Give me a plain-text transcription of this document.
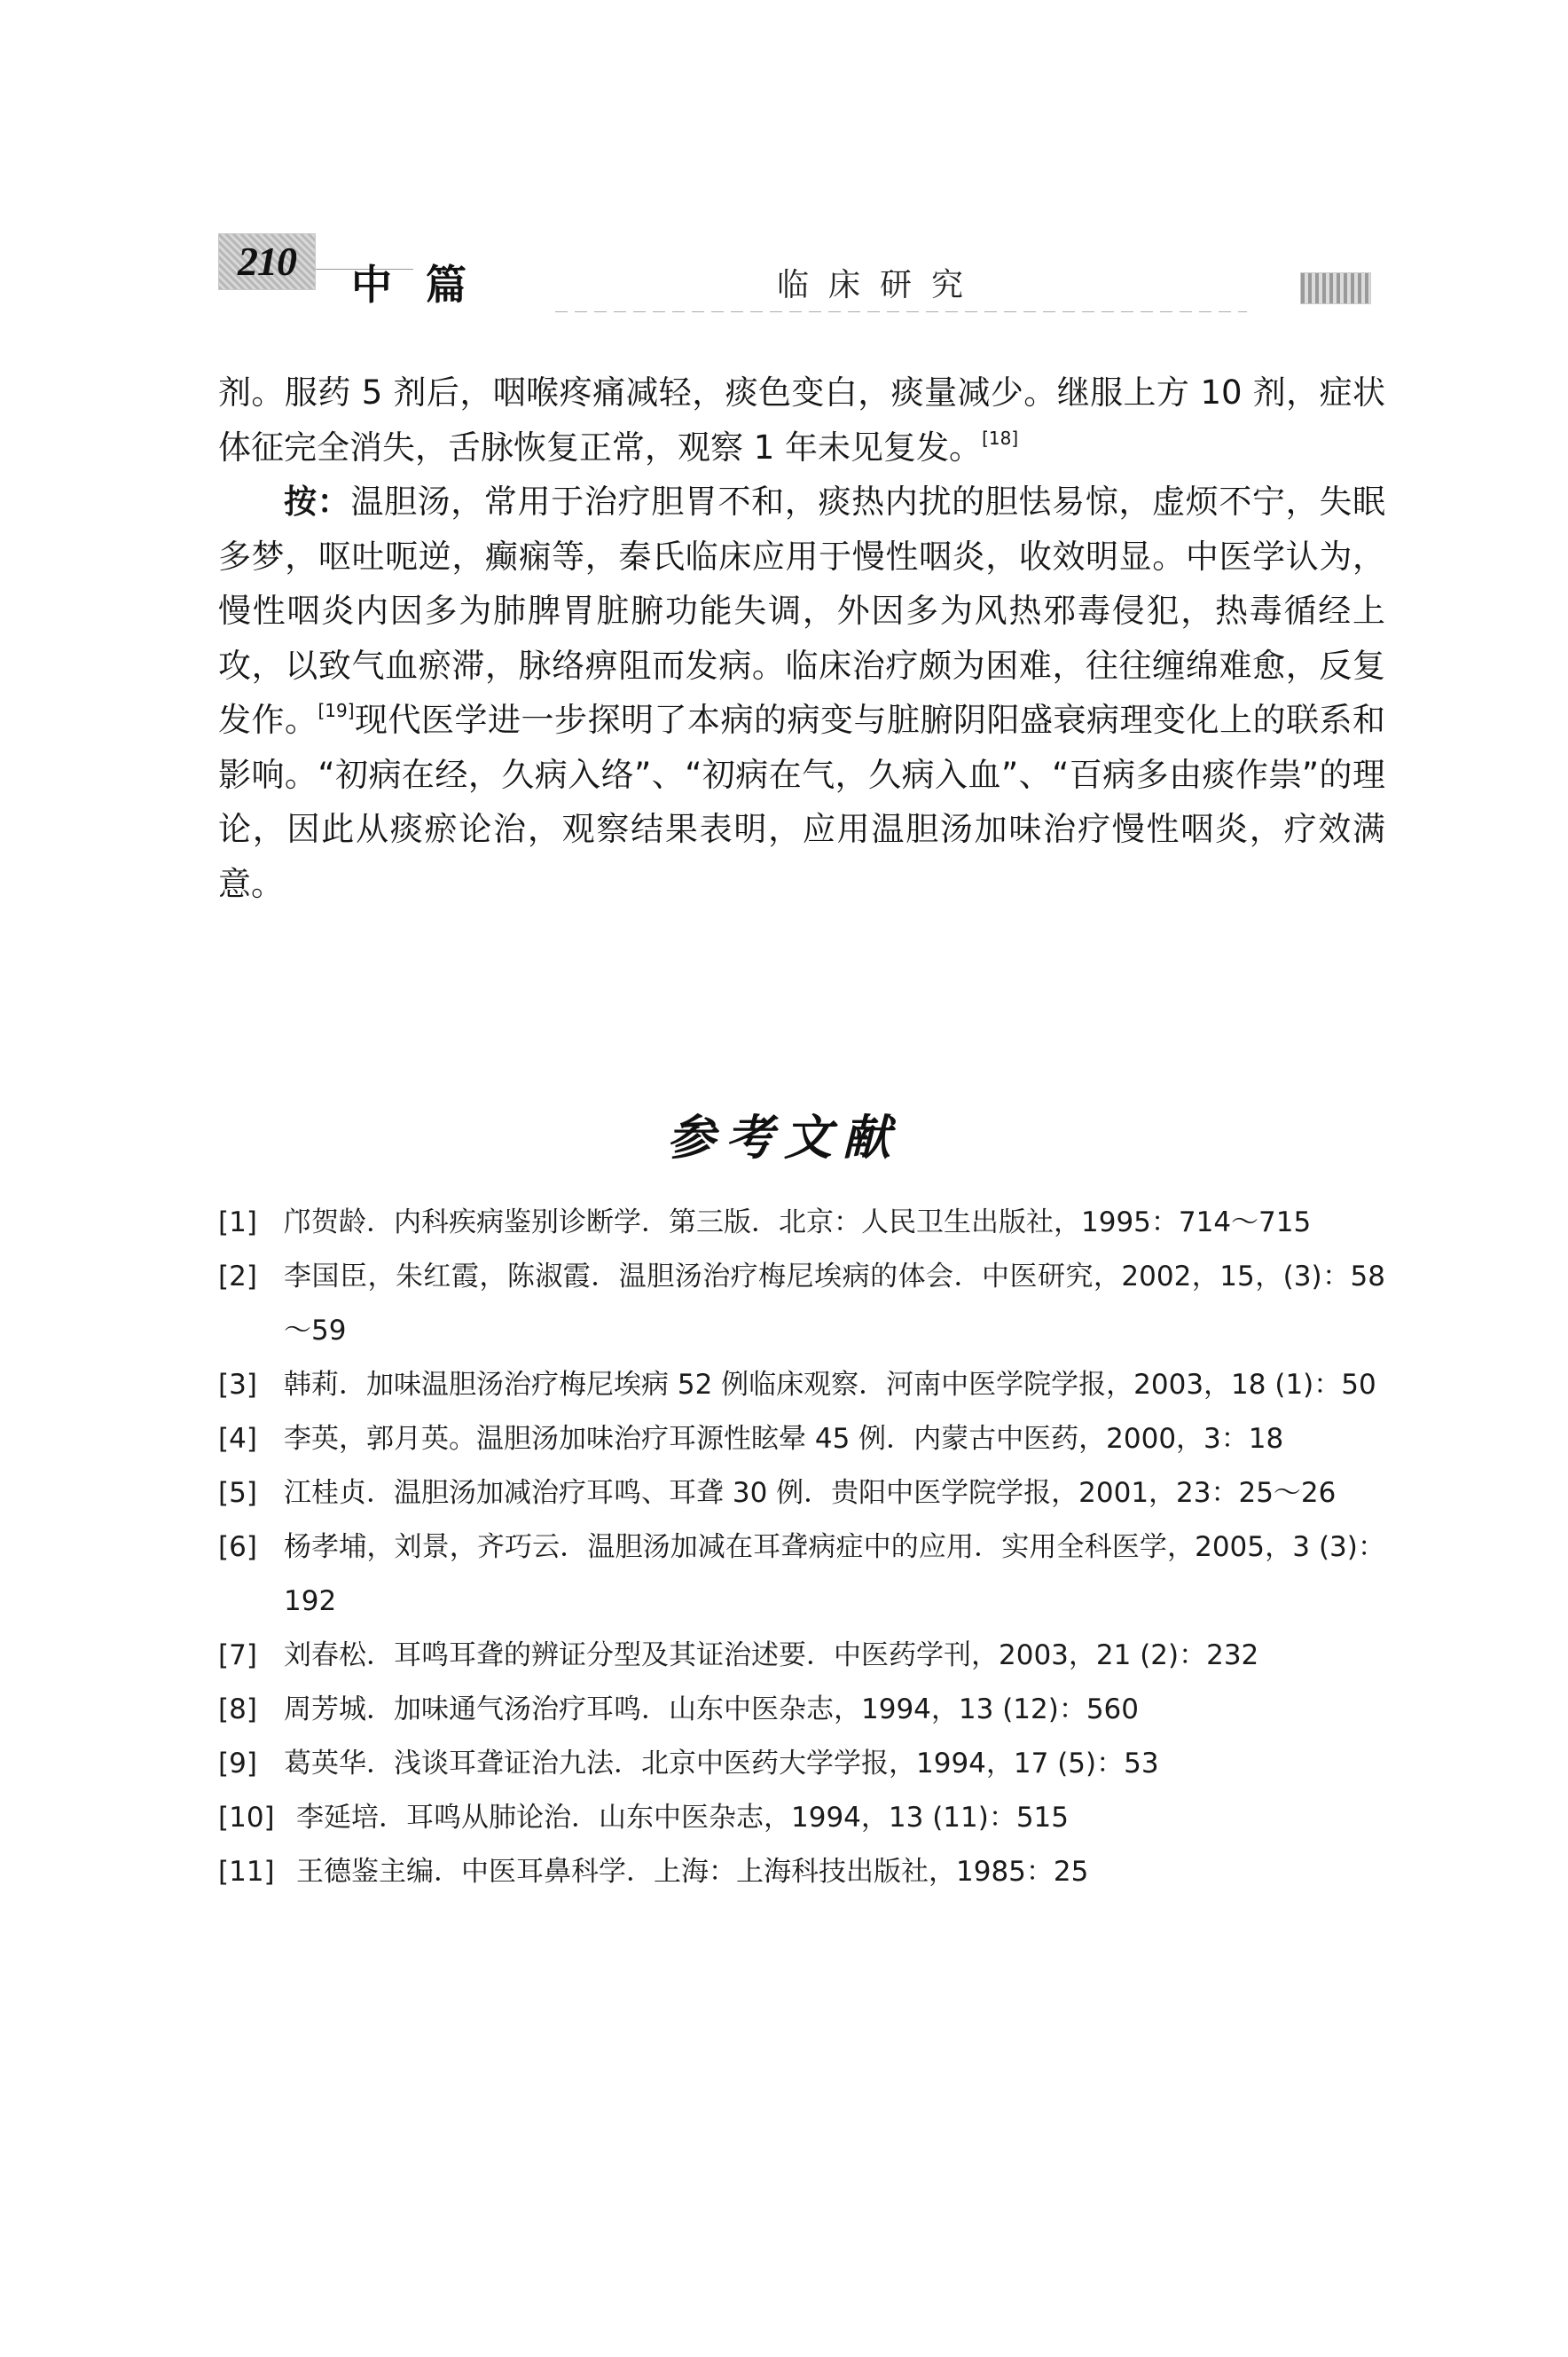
210	中篇	临床研究

剂。服药 5 剂后，咽喉疼痛减轻，痰色变白，痰量减少。继服上方 10 剂，症状体征完全消失，舌脉恢复正常，观察 1 年未见复发。[18]

按：温胆汤，常用于治疗胆胃不和，痰热内扰的胆怯易惊，虚烦不宁，失眠多梦，呕吐呃逆，癫痫等，秦氏临床应用于慢性咽炎，收效明显。中医学认为，慢性咽炎内因多为肺脾胃脏腑功能失调，外因多为风热邪毒侵犯，热毒循经上攻，以致气血瘀滞，脉络痹阻而发病。临床治疗颇为困难，往往缠绵难愈，反复发作。[19]现代医学进一步探明了本病的病变与脏腑阴阳盛衰病理变化上的联系和影响。“初病在经，久病入络”、“初病在气，久病入血”、“百病多由痰作祟”的理论，因此从痰瘀论治，观察结果表明，应用温胆汤加味治疗慢性咽炎，疗效满意。

参考文献
[1] 邝贺龄．内科疾病鉴别诊断学．第三版．北京：人民卫生出版社，1995：714～715
[2] 李国臣，朱红霞，陈淑霞．温胆汤治疗梅尼埃病的体会．中医研究，2002，15，(3)：58～59
[3] 韩莉．加味温胆汤治疗梅尼埃病 52 例临床观察．河南中医学院学报，2003，18 (1)：50
[4] 李英，郭月英。温胆汤加味治疗耳源性眩晕 45 例．内蒙古中医药，2000，3：18
[5] 江桂贞．温胆汤加减治疗耳鸣、耳聋 30 例．贵阳中医学院学报，2001，23：25～26
[6] 杨孝埔，刘景，齐巧云．温胆汤加减在耳聋病症中的应用．实用全科医学，2005，3 (3)：192
[7] 刘春松．耳鸣耳聋的辨证分型及其证治述要．中医药学刊，2003，21 (2)：232
[8] 周芳城．加味通气汤治疗耳鸣．山东中医杂志，1994，13 (12)：560
[9] 葛英华．浅谈耳聋证治九法．北京中医药大学学报，1994，17 (5)：53
[10] 李延培．耳鸣从肺论治．山东中医杂志，1994，13 (11)：515
[11] 王德鉴主编．中医耳鼻科学．上海：上海科技出版社，1985：25
